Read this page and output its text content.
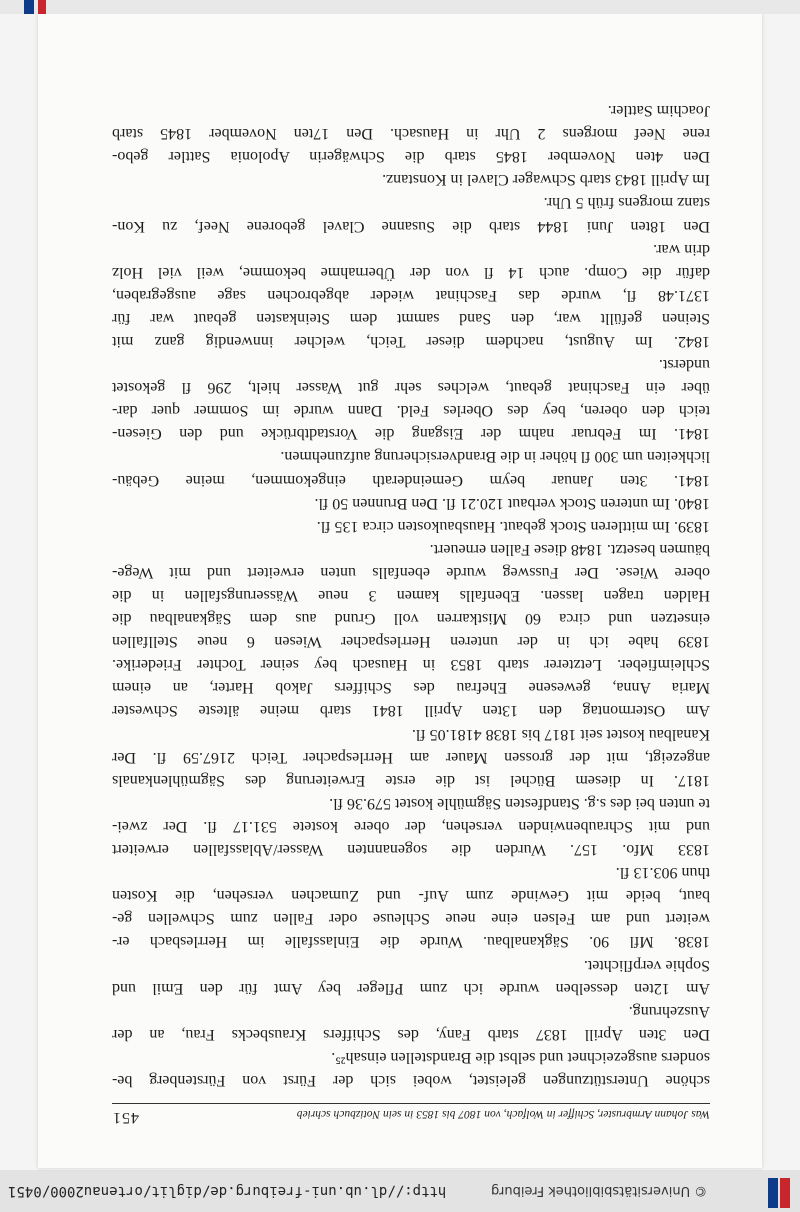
© Universitätsbibliothek Freiburg
http://dl.ub.uni-freiburg.de/diglit/ortenau2000/0451
Was Johann Armbruster, Schiffer in Wolfach, von 1807 bis 1853 in sein Notizbuch schrieb
451
schöne Unterstützungen geleistet, wobei sich der Fürst von Fürstenberg be-
sonders ausgezeichnet und selbst die Brandstellen einsah²⁵.
Den 3ten Aprill 1837 starb Fany, des Schiffers Krausbecks Frau, an der
Auszehrung.
Am 12ten desselben wurde ich zum Pfleger bey Amt für den Emil und
Sophie verpflichtet.
1838. Mfl 90. Sägkanalbau. Wurde die Einlassfalle im Herrlesbach er-
weitert und am Felsen eine neue Schleuse oder Fallen zum Schwellen ge-
baut, beide mit Gewinde zum Auf- und Zumachen versehen, die Kosten
thun 903.13 fl.
1833 Mfo. 157. Wurden die sogenannten Wasser/Ablassfallen erweitert
und mit Schraubenwinden versehen, der obere kostete 531.17 fl. Der zwei-
te unten bei des s.g. Standfesten Sägmühle kostet 579.36 fl.
1817. In diesem Büchel ist die erste Erweiterung des Sägmühlenkanals
angezeigt, mit der grossen Mauer am Herrlespacher Teich 2167.59 fl. Der
Kanalbau kostet seit 1817 bis 1838 4181.05 fl.
Am Ostermontag den 13ten Aprill 1841 starb meine älteste Schwester
Maria Anna, gewesene Ehefrau des Schiffers Jakob Harter, an einem
Schleimfieber. Letzterer starb 1853 in Hausach bey seiner Tochter Friederike.
1839 habe ich in der unteren Herrlespacher Wiesen 6 neue Stellfallen
einsetzen und circa 60 Mistkarren voll Grund aus dem Sägkanalbau die
Halden tragen lassen. Ebenfalls kamen 3 neue Wässerungsfallen in die
obere Wiese. Der Fussweg wurde ebenfalls unten erweitert und mit Wege-
bäumen besetzt. 1848 diese Fallen erneuert.
1839. Im mittleren Stock gebaut. Hausbaukosten circa 135 fl.
1840. Im unteren Stock verbaut 120.21 fl. Den Brunnen 50 fl.
1841. 3ten Januar beym Gemeinderath eingekommen, meine Gebäu-
lichkeiten um 300 fl höher in die Brandversicherung aufzunehmen.
1841. Im Februar nahm der Eisgang die Vorstadtbrücke und den Giesen-
teich den oberen, bey des Oberles Feld. Dann wurde im Sommer quer dar-
über ein Faschinat gebaut, welches sehr gut Wasser hielt, 296 fl gekostet
underst.
1842. Im August, nachdem dieser Teich, welcher innwendig ganz mit
Steinen gefüllt war, den Sand sammt dem Steinkasten gebaut war für
1371.48 fl, wurde das Faschinat wieder abgebrochen sage ausgegraben,
dafür die Comp. auch 14 fl von der Übernahme bekomme, weil viel Holz
drin war.
Den 18ten Juni 1844 starb die Susanne Clavel geborene Neef, zu Kon-
stanz morgens früh 5 Uhr.
Im Aprill 1843 starb Schwager Clavel in Konstanz.
Den 4ten November 1845 starb die Schwägerin Apolonia Sattler gebo-
rene Neef morgens 2 Uhr in Hausach. Den 17ten November 1845 starb
Joachim Sattler.
